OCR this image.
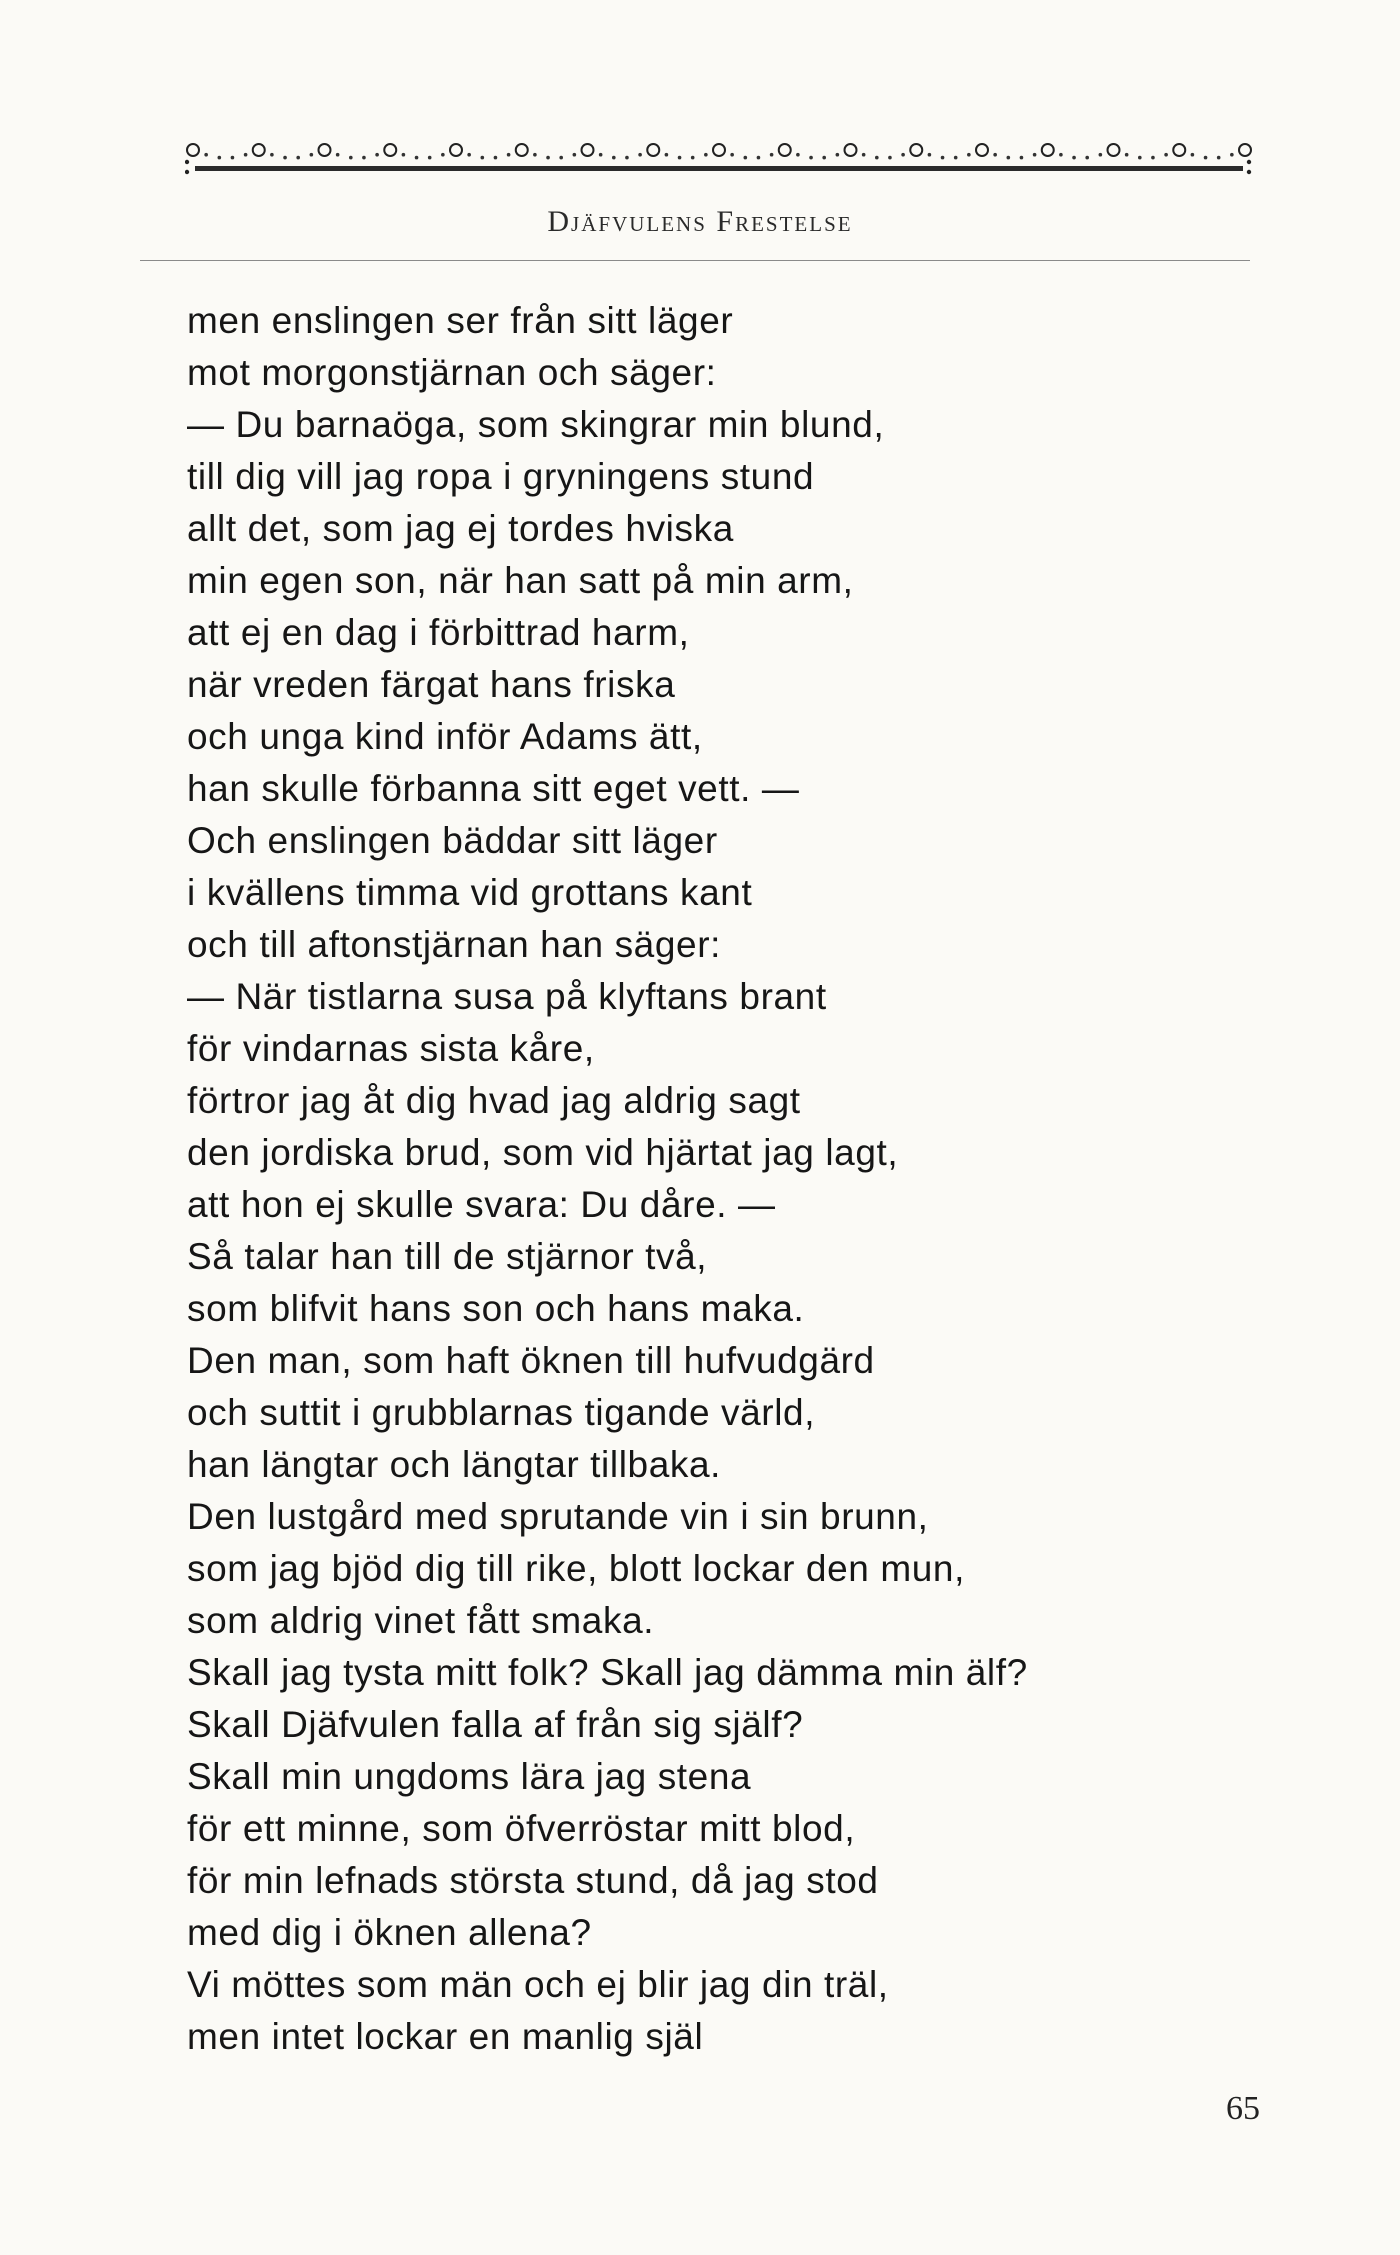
Djäfvulens Frestelse
men enslingen ser från sitt läger
mot morgonstjärnan och säger:
— Du barnaöga, som skingrar min blund,
till dig vill jag ropa i gryningens stund
allt det, som jag ej tordes hviska
min egen son, när han satt på min arm,
att ej en dag i förbittrad harm,
när vreden färgat hans friska
och unga kind inför Adams ätt,
han skulle förbanna sitt eget vett. —
Och enslingen bäddar sitt läger
i kvällens timma vid grottans kant
och till aftonstjärnan han säger:
— När tistlarna susa på klyftans brant
för vindarnas sista kåre,
förtror jag åt dig hvad jag aldrig sagt
den jordiska brud, som vid hjärtat jag lagt,
att hon ej skulle svara: Du dåre. —
Så talar han till de stjärnor två,
som blifvit hans son och hans maka.
Den man, som haft öknen till hufvudgärd
och suttit i grubblarnas tigande värld,
han längtar och längtar tillbaka.
Den lustgård med sprutande vin i sin brunn,
som jag bjöd dig till rike, blott lockar den mun,
som aldrig vinet fått smaka.
Skall jag tysta mitt folk? Skall jag dämma min älf?
Skall Djäfvulen falla af från sig själf?
Skall min ungdoms lära jag stena
för ett minne, som öfverröstar mitt blod,
för min lefnads största stund, då jag stod
med dig i öknen allena?
Vi möttes som män och ej blir jag din träl,
men intet lockar en manlig själ
65
